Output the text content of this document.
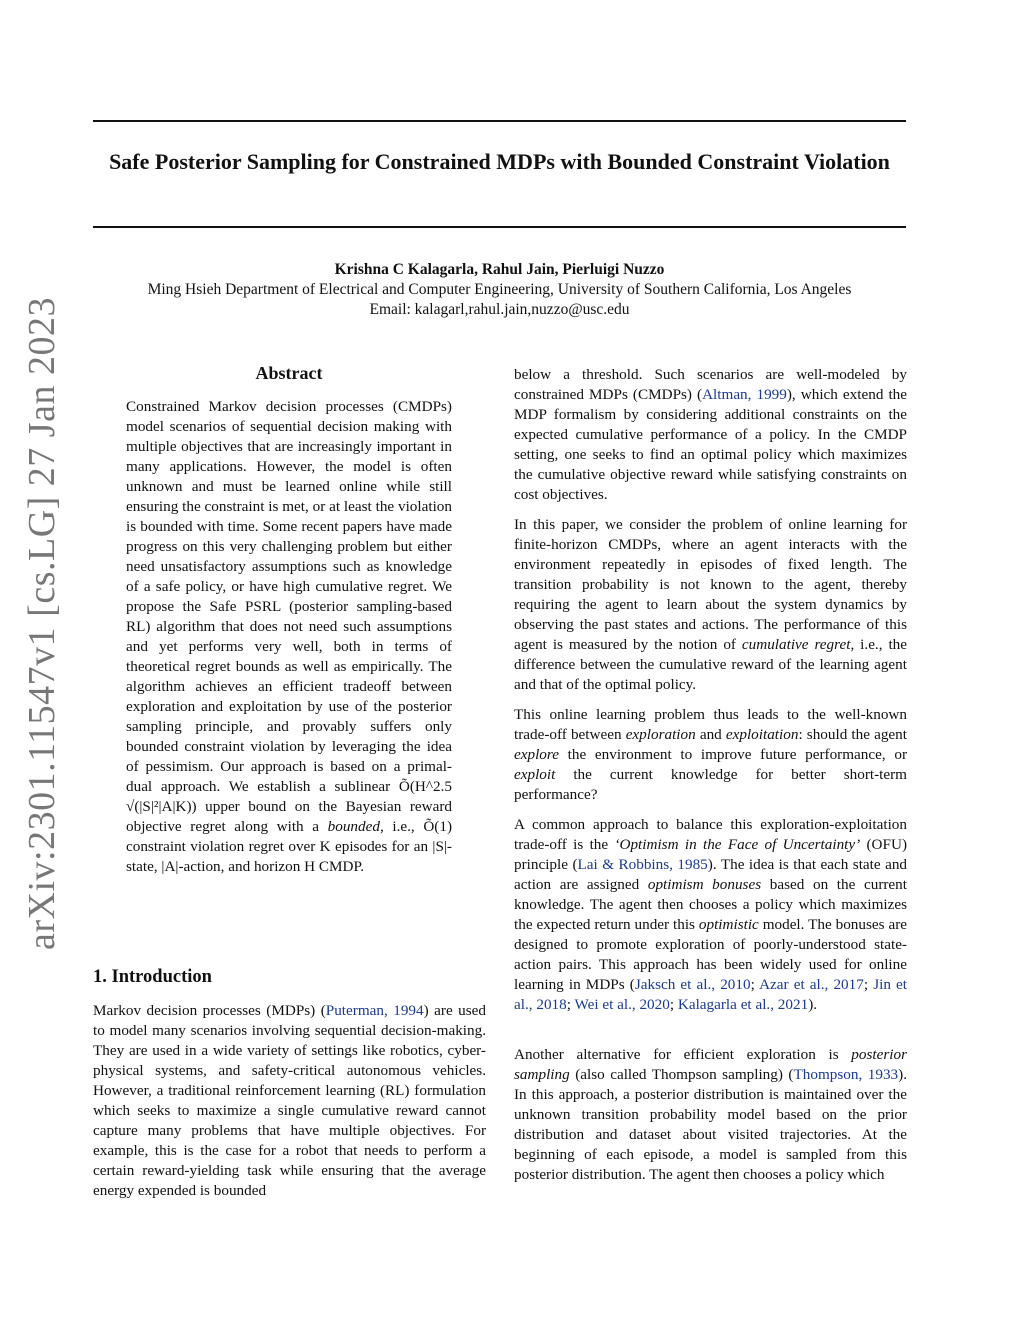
Safe Posterior Sampling for Constrained MDPs with Bounded Constraint Violation
Krishna C Kalagarla, Rahul Jain, Pierluigi Nuzzo
Ming Hsieh Department of Electrical and Computer Engineering, University of Southern California, Los Angeles
Email: kalagarl,rahul.jain,nuzzo@usc.edu
arXiv:2301.11547v1 [cs.LG] 27 Jan 2023	Abstract
Constrained Markov decision processes (CMDPs) model scenarios of sequential decision making with multiple objectives that are increasingly important in many applications. However, the model is often unknown and must be learned online while still ensuring the constraint is met, or at least the violation is bounded with time. Some recent papers have made progress on this very challenging problem but either need unsatisfactory assumptions such as knowledge of a safe policy, or have high cumulative regret. We propose the Safe PSRL (posterior sampling-based RL) algorithm that does not need such assumptions and yet performs very well, both in terms of theoretical regret bounds as well as empirically. The algorithm achieves an efficient tradeoff between exploration and exploitation by use of the posterior sampling principle, and provably suffers only bounded constraint violation by leveraging the idea of pessimism. Our approach is based on a primal-dual approach. We establish a sublinear Õ(H^2.5 √(|S|²|A|K)) upper bound on the Bayesian reward objective regret along with a bounded, i.e., Õ(1) constraint violation regret over K episodes for an |S|-state, |A|-action, and horizon H CMDP.
1. Introduction
Markov decision processes (MDPs) (Puterman, 1994) are used to model many scenarios involving sequential decision-making. They are used in a wide variety of settings like robotics, cyber-physical systems, and safety-critical autonomous vehicles. However, a traditional reinforcement learning (RL) formulation which seeks to maximize a single cumulative reward cannot capture many problems that have multiple objectives. For example, this is the case for a robot that needs to perform a certain reward-yielding task while ensuring that the average energy expended is bounded
below a threshold. Such scenarios are well-modeled by constrained MDPs (CMDPs) (Altman, 1999), which extend the MDP formalism by considering additional constraints on the expected cumulative performance of a policy. In the CMDP setting, one seeks to find an optimal policy which maximizes the cumulative objective reward while satisfying constraints on cost objectives.
In this paper, we consider the problem of online learning for finite-horizon CMDPs, where an agent interacts with the environment repeatedly in episodes of fixed length. The transition probability is not known to the agent, thereby requiring the agent to learn about the system dynamics by observing the past states and actions. The performance of this agent is measured by the notion of cumulative regret, i.e., the difference between the cumulative reward of the learning agent and that of the optimal policy.
This online learning problem thus leads to the well-known trade-off between exploration and exploitation: should the agent explore the environment to improve future performance, or exploit the current knowledge for better short-term performance?
A common approach to balance this exploration-exploitation trade-off is the ‘Optimism in the Face of Uncertainty’ (OFU) principle (Lai & Robbins, 1985). The idea is that each state and action are assigned optimism bonuses based on the current knowledge. The agent then chooses a policy which maximizes the expected return under this optimistic model. The bonuses are designed to promote exploration of poorly-understood state-action pairs. This approach has been widely used for online learning in MDPs (Jaksch et al., 2010; Azar et al., 2017; Jin et al., 2018; Wei et al., 2020; Kalagarla et al., 2021).
Another alternative for efficient exploration is posterior sampling (also called Thompson sampling) (Thompson, 1933). In this approach, a posterior distribution is maintained over the unknown transition probability model based on the prior distribution and dataset about visited trajectories. At the beginning of each episode, a model is sampled from this posterior distribution. The agent then chooses a policy which
